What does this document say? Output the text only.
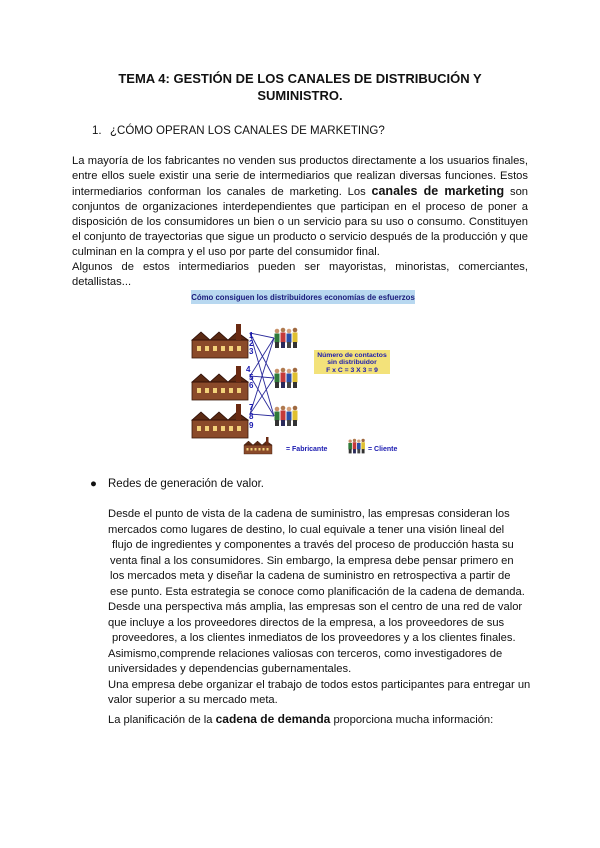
TEMA 4: GESTIÓN DE LOS CANALES DE DISTRIBUCIÓN Y
SUMINISTRO.
1. ¿CÓMO OPERAN LOS CANALES DE MARKETING?
La mayoría de los fabricantes no venden sus productos directamente a los usuarios finales,
entre ellos suele existir una serie de intermediarios que realizan diversas funciones. Estos
intermediarios conforman los canales de marketing. Los canales de marketing son
conjuntos de organizaciones interdependientes que participan en el proceso de poner a
disposición de los consumidores un bien o un servicio para su uso o consumo. Constituyen
el conjunto de trayectorias que sigue un producto o servicio después de la producción y que
culminan en la compra y el uso por parte del consumidor final.
Algunos de estos intermediarios pueden ser mayoristas, minoristas, comerciantes,
detallistas...
Cómo consiguen los distribuidores economías de esfuerzos
1
2
3
4
5
6
7
8
9
Número de contactos
sin distribuidor
F x C = 3 X 3 = 9
= Fabricante	= Cliente
● Redes de generación de valor.
Desde el punto de vista de la cadena de suministro, las empresas consideran los
mercados como lugares de destino, lo cual equivale a tener una visión lineal del
flujo de ingredientes y componentes a través del proceso de producción hasta su
venta final a los consumidores. Sin embargo, la empresa debe pensar primero en
los mercados meta y diseñar la cadena de suministro en retrospectiva a partir de
ese punto. Esta estrategia se conoce como planificación de la cadena de demanda.
Desde una perspectiva más amplia, las empresas son el centro de una red de valor
que incluye a los proveedores directos de la empresa, a los proveedores de sus
proveedores, a los clientes inmediatos de los proveedores y a los clientes finales.
Asimismo,comprende relaciones valiosas con terceros, como investigadores de
universidades y dependencias gubernamentales.
Una empresa debe organizar el trabajo de todos estos participantes para entregar un
valor superior a su mercado meta.
La planificación de la cadena de demanda proporciona mucha información:
